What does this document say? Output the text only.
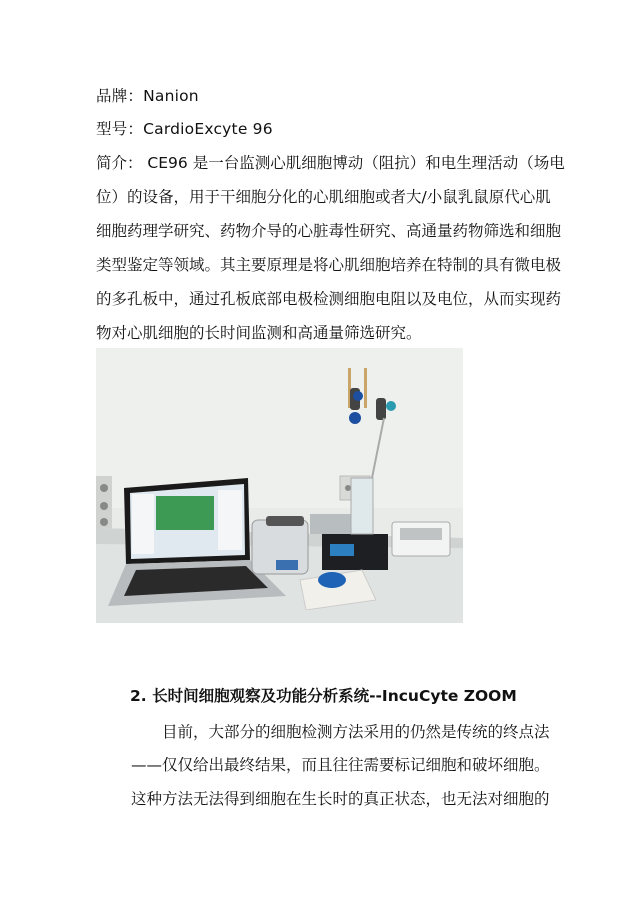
品牌：Nanion
型号：CardioExcyte 96

简介： CE96 是一台监测心肌细胞博动（阻抗）和电生理活动（场电
位）的设备，用于干细胞分化的心肌细胞或者大/小鼠乳鼠原代心肌
细胞药理学研究、药物介导的心脏毒性研究、高通量药物筛选和细胞
类型鉴定等领域。其主要原理是将心肌细胞培养在特制的具有微电极
的多孔板中，通过孔板底部电极检测细胞电阻以及电位，从而实现药
物对心肌细胞的长时间监测和高通量筛选研究。

2. 长时间细胞观察及功能分析系统--IncuCyte ZOOM
　　目前，大部分的细胞检测方法采用的仍然是传统的终点法
——仅仅给出最终结果，而且往往需要标记细胞和破坏细胞。
这种方法无法得到细胞在生长时的真正状态，也无法对细胞的
